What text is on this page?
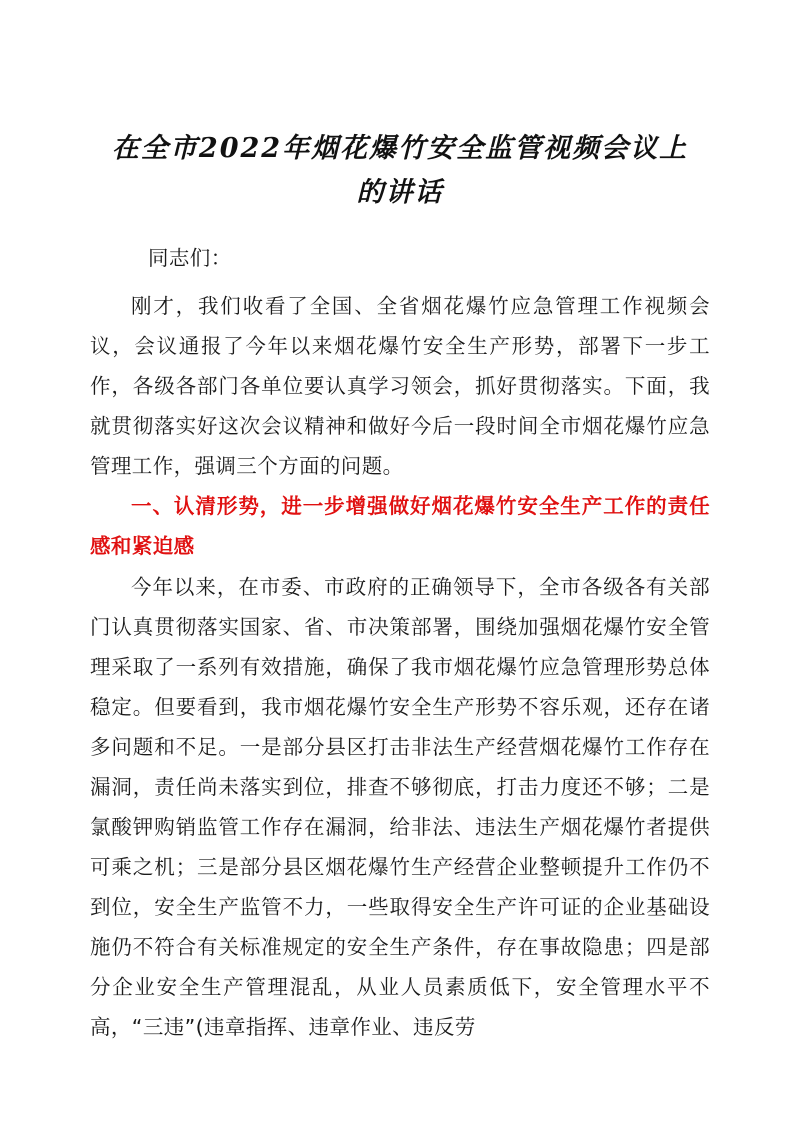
在全市2022年烟花爆竹安全监管视频会议上
的讲话

同志们：

刚才，我们收看了全国、全省烟花爆竹应急管理工作视频会议，会议通报了今年以来烟花爆竹安全生产形势，部署下一步工作，各级各部门各单位要认真学习领会，抓好贯彻落实。下面，我就贯彻落实好这次会议精神和做好今后一段时间全市烟花爆竹应急管理工作，强调三个方面的问题。

一、认清形势，进一步增强做好烟花爆竹安全生产工作的责任感和紧迫感

今年以来，在市委、市政府的正确领导下，全市各级各有关部门认真贯彻落实国家、省、市决策部署，围绕加强烟花爆竹安全管理采取了一系列有效措施，确保了我市烟花爆竹应急管理形势总体稳定。但要看到，我市烟花爆竹安全生产形势不容乐观，还存在诸多问题和不足。一是部分县区打击非法生产经营烟花爆竹工作存在漏洞，责任尚未落实到位，排查不够彻底，打击力度还不够；二是氯酸钾购销监管工作存在漏洞，给非法、违法生产烟花爆竹者提供可乘之机；三是部分县区烟花爆竹生产经营企业整顿提升工作仍不到位，安全生产监管不力，一些取得安全生产许可证的企业基础设施仍不符合有关标准规定的安全生产条件，存在事故隐患；四是部分企业安全生产管理混乱，从业人员素质低下，安全管理水平不高，“三违”(违章指挥、违章作业、违反劳
